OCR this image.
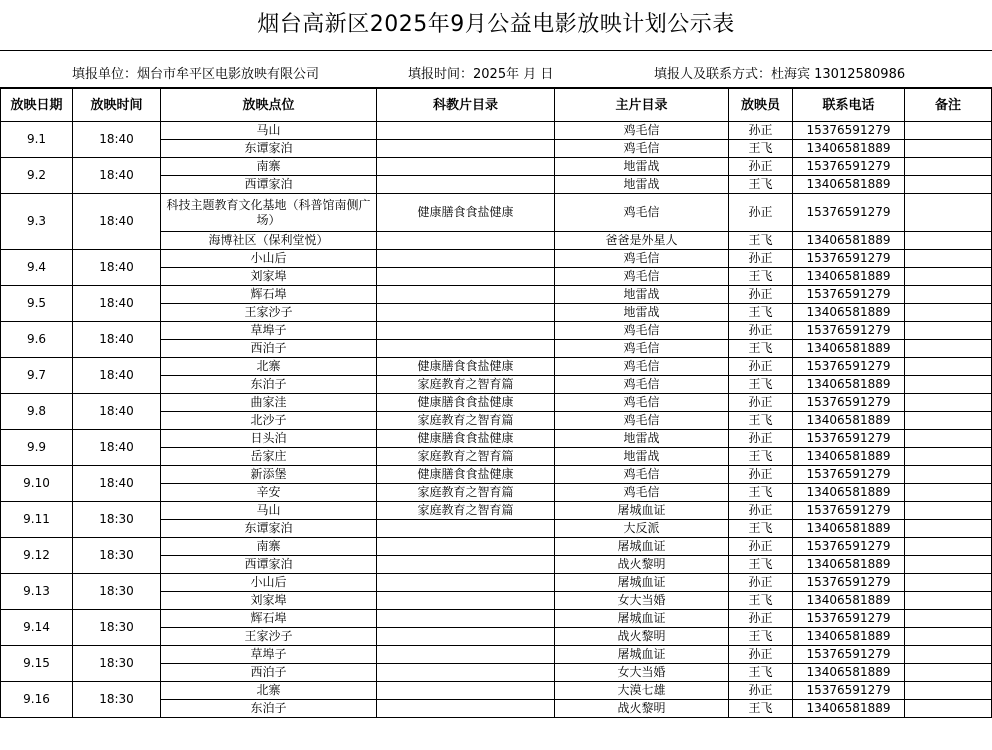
烟台高新区2025年9月公益电影放映计划公示表
填报单位：烟台市牟平区电影放映有限公司	填报时间：2025年 月 日	填报人及联系方式：杜海宾 13012580986
放映日期	放映时间	放映点位	科教片目录	主片目录	放映员	联系电话	备注
9.1	18:40	马山		鸡毛信	孙正	15376591279	
		东谭家泊		鸡毛信	王飞	13406581889	
9.2	18:40	南寨		地雷战	孙正	15376591279	
		西谭家泊		地雷战	王飞	13406581889	
9.3	18:40	科技主题教育文化基地（科普馆南侧广场）	健康膳食食盐健康	鸡毛信	孙正	15376591279	
		海博社区（保利堂悦）		爸爸是外星人	王飞	13406581889	
9.4	18:40	小山后		鸡毛信	孙正	15376591279	
		刘家埠		鸡毛信	王飞	13406581889	
9.5	18:40	辉石埠		地雷战	孙正	15376591279	
		王家沙子		地雷战	王飞	13406581889	
9.6	18:40	草埠子		鸡毛信	孙正	15376591279	
		西泊子		鸡毛信	王飞	13406581889	
9.7	18:40	北寨	健康膳食食盐健康	鸡毛信	孙正	15376591279	
		东泊子	家庭教育之智育篇	鸡毛信	王飞	13406581889	
9.8	18:40	曲家洼	健康膳食食盐健康	鸡毛信	孙正	15376591279	
		北沙子	家庭教育之智育篇	鸡毛信	王飞	13406581889	
9.9	18:40	日头泊	健康膳食食盐健康	地雷战	孙正	15376591279	
		岳家庄	家庭教育之智育篇	地雷战	王飞	13406581889	
9.10	18:40	新添堡	健康膳食食盐健康	鸡毛信	孙正	15376591279	
		辛安	家庭教育之智育篇	鸡毛信	王飞	13406581889	
9.11	18:30	马山	家庭教育之智育篇	屠城血证	孙正	15376591279	
		东谭家泊		大反派	王飞	13406581889	
9.12	18:30	南寨		屠城血证	孙正	15376591279	
		西谭家泊		战火黎明	王飞	13406581889	
9.13	18:30	小山后		屠城血证	孙正	15376591279	
		刘家埠		女大当婚	王飞	13406581889	
9.14	18:30	辉石埠		屠城血证	孙正	15376591279	
		王家沙子		战火黎明	王飞	13406581889	
9.15	18:30	草埠子		屠城血证	孙正	15376591279	
		西泊子		女大当婚	王飞	13406581889	
9.16	18:30	北寨		大漠七雄	孙正	15376591279	
		东泊子		战火黎明	王飞	13406581889	
